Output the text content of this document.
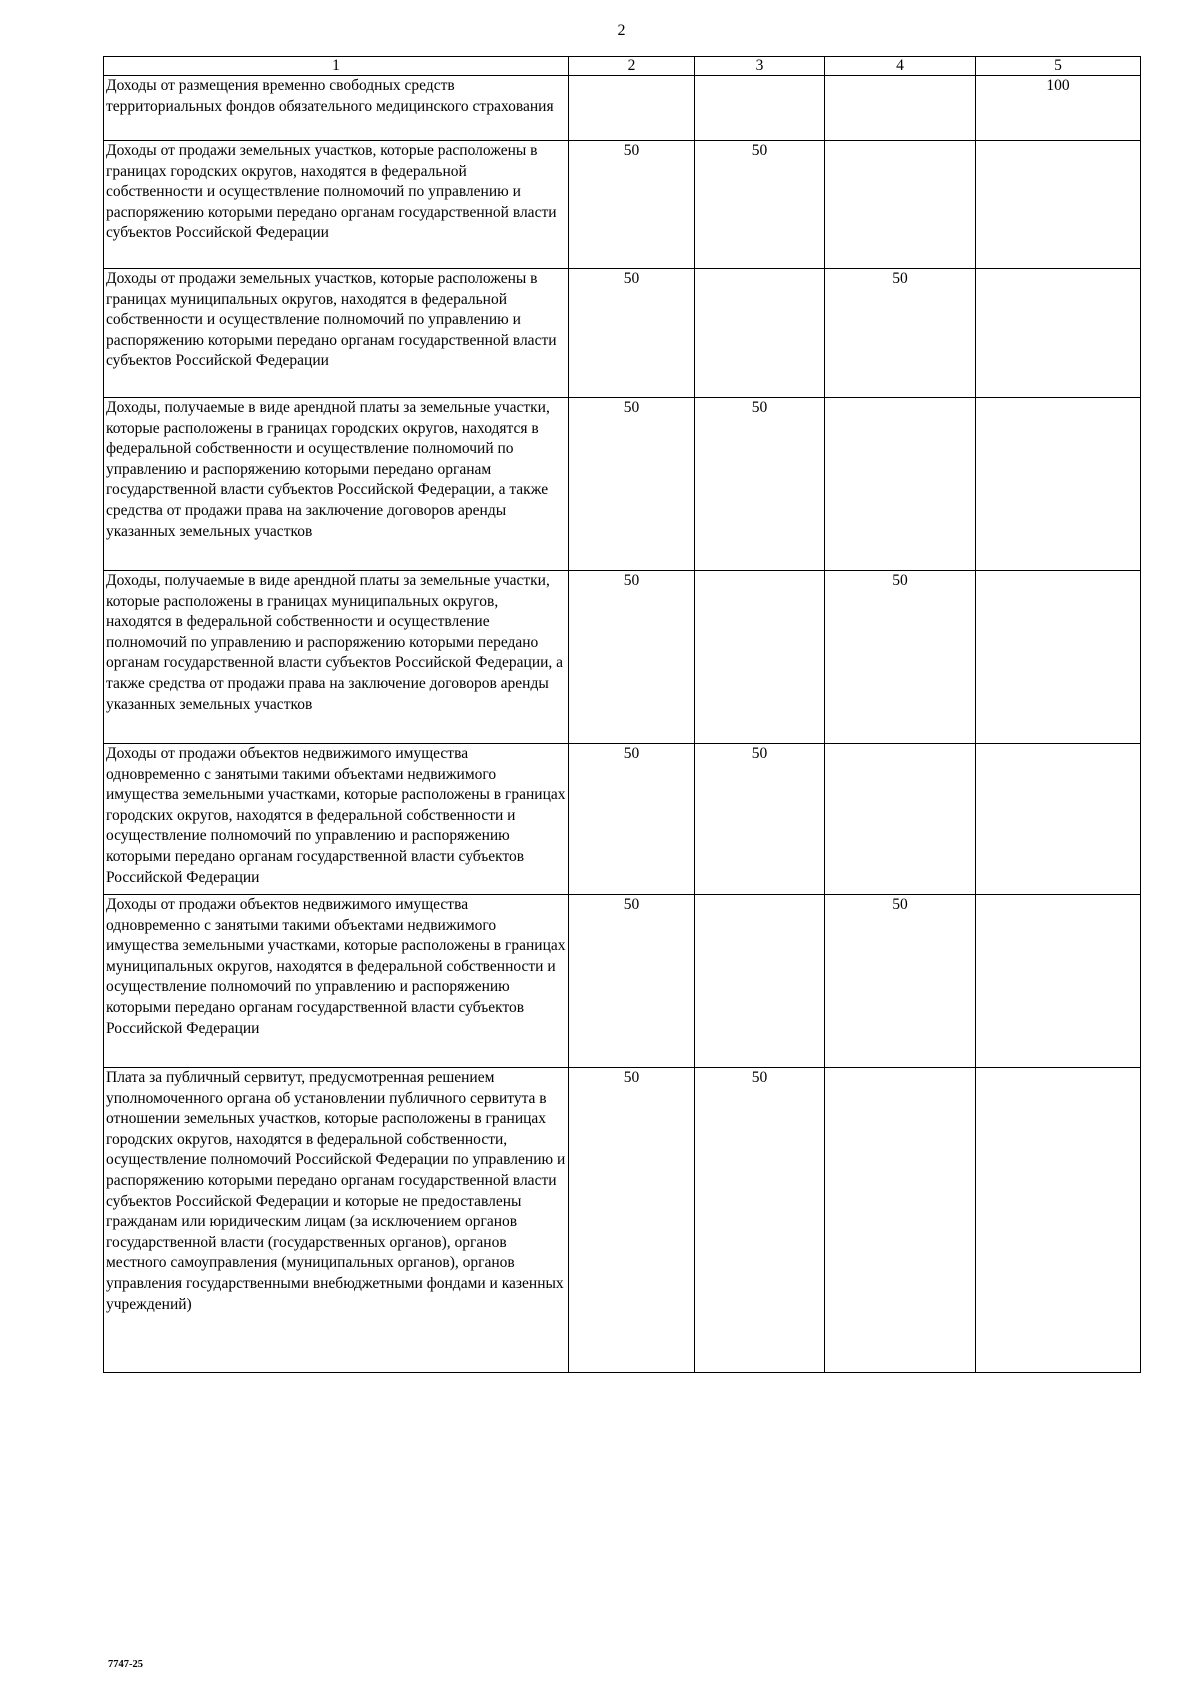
2
1	2	3	4	5
Доходы от размещения временно свободных средств территориальных фондов обязательного медицинского страхования				100
Доходы от продажи земельных участков, которые расположены в границах городских округов, находятся в федеральной собственности и осуществление полномочий по управлению и распоряжению которыми передано органам государственной власти субъектов Российской Федерации	50	50		
Доходы от продажи земельных участков, которые расположены в границах муниципальных округов, находятся в федеральной собственности и осуществление полномочий по управлению и распоряжению которыми передано органам государственной власти субъектов Российской Федерации	50		50	
Доходы, получаемые в виде арендной платы за земельные участки, которые расположены в границах городских округов, находятся в федеральной собственности и осуществление полномочий по управлению и распоряжению которыми передано органам государственной власти субъектов Российской Федерации, а также средства от продажи права на заключение договоров аренды указанных земельных участков	50	50		
Доходы, получаемые в виде арендной платы за земельные участки, которые расположены в границах муниципальных округов, находятся в федеральной собственности и осуществление полномочий по управлению и распоряжению которыми передано органам государственной власти субъектов Российской Федерации, а также средства от продажи права на заключение договоров аренды указанных земельных участков	50		50	
Доходы от продажи объектов недвижимого имущества одновременно с занятыми такими объектами недвижимого имущества земельными участками, которые расположены в границах городских округов, находятся в федеральной собственности и осуществление полномочий по управлению и распоряжению которыми передано органам государственной власти субъектов Российской Федерации	50	50		
Доходы от продажи объектов недвижимого имущества одновременно с занятыми такими объектами недвижимого имущества земельными участками, которые расположены в границах муниципальных округов, находятся в федеральной собственности и осуществление полномочий по управлению и распоряжению которыми передано органам государственной власти субъектов Российской Федерации	50		50	
Плата за публичный сервитут, предусмотренная решением уполномоченного органа об установлении публичного сервитута в отношении земельных участков, которые расположены в границах городских округов, находятся в федеральной собственности, осуществление полномочий Российской Федерации по управлению и распоряжению которыми передано органам государственной власти субъектов Российской Федерации и которые не предоставлены гражданам или юридическим лицам (за исключением органов государственной власти (государственных органов), органов местного самоуправления (муниципальных органов), органов управления государственными внебюджетными фондами и казенных учреждений)	50	50		
7747-25
